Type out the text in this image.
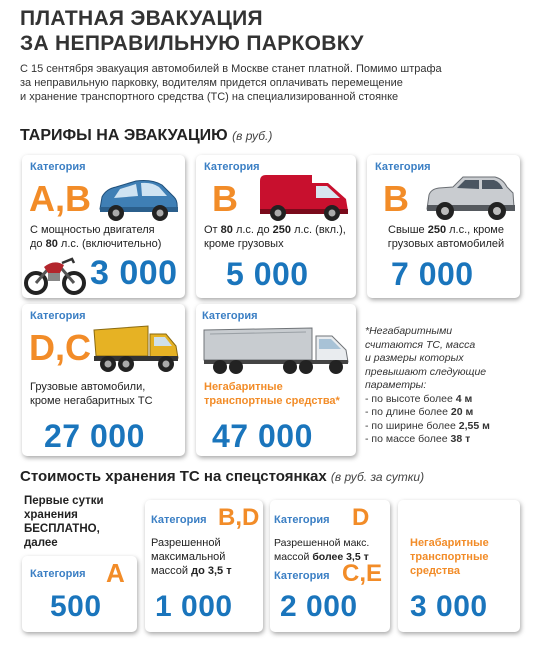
ПЛАТНАЯ ЭВАКУАЦИЯ
ЗА НЕПРАВИЛЬНУЮ ПАРКОВКУ
С 15 сентября эвакуация автомобилей в Москве станет платной. Помимо штрафа
за неправильную парковку, водителям придется оплачивать перемещение
и хранение транспортного средства (ТС) на специализированной стоянке
ТАРИФЫ НА ЭВАКУАЦИЮ (в руб.)
Категория
A,B
С мощностью двигателя
до 80 л.с. (включительно)
3 000
Категория
B
От 80 л.с. до 250 л.с. (вкл.),
кроме грузовых
5 000
Категория
B
Свыше 250 л.с., кроме
грузовых автомобилей
7 000
Категория
D,C
Грузовые автомобили,
кроме негабаритных ТС
27 000
Категория
Негабаритные
транспортные средства*
47 000
*Негабаритными
считаются ТС, масса
и размеры которых
превышают следующие
параметры:
- по высоте более 4 м
- по длине более 20 м
- по ширине более 2,55 м
- по массе более 38 т
Стоимость хранения ТС на спецстоянках (в руб. за сутки)
Первые сутки
хранения
БЕСПЛАТНО,
далее
Категория A
500
Категория B,D
Разрешенной
максимальной
массой до 3,5 т
1 000
Категория D
Разрешенной макс.
массой более 3,5 т
Категория C,E
2 000
Негабаритные
транспортные
средства
3 000
